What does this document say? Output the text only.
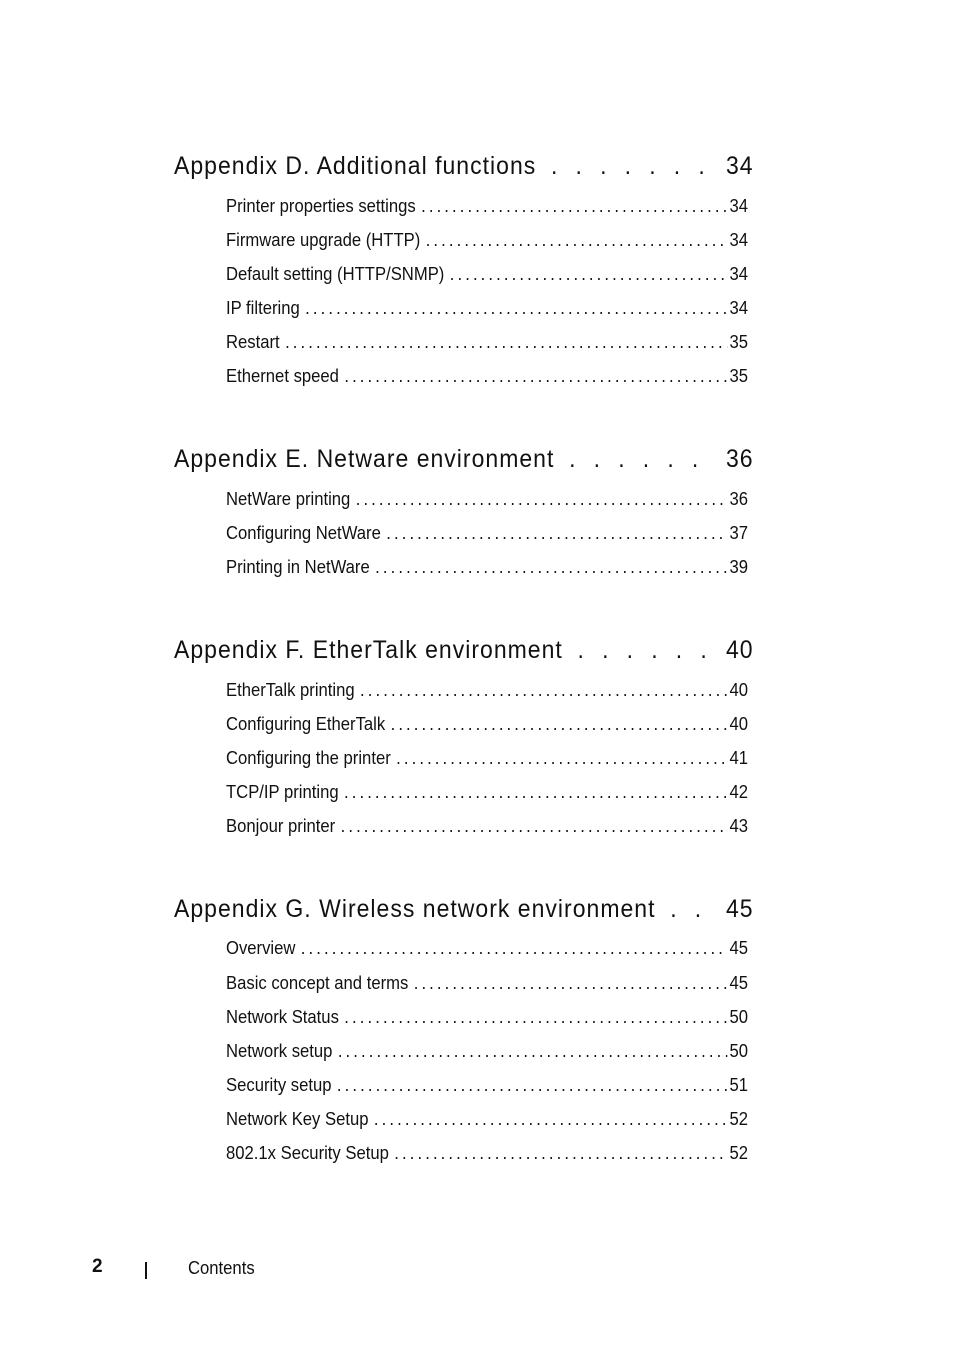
Appendix D. Additional functions . . .	34
Printer properties settings .....	34
Firmware upgrade (HTTP) .....	34
Default setting (HTTP/SNMP) .....	34
IP filtering .....	34
Restart .....	35
Ethernet speed .....	35
Appendix E. Netware environment . . .	36
NetWare printing .....	36
Configuring NetWare .....	37
Printing in NetWare .....	39
Appendix F. EtherTalk environment . . .	40
EtherTalk printing .....	40
Configuring EtherTalk .....	40
Configuring the printer .....	41
TCP/IP printing .....	42
Bonjour printer .....	43
Appendix G. Wireless network environment . . .	45
Overview .....	45
Basic concept and terms .....	45
Network Status .....	50
Network setup .....	50
Security setup .....	51
Network Key Setup .....	52
802.1x Security Setup .....	52
2	Contents
